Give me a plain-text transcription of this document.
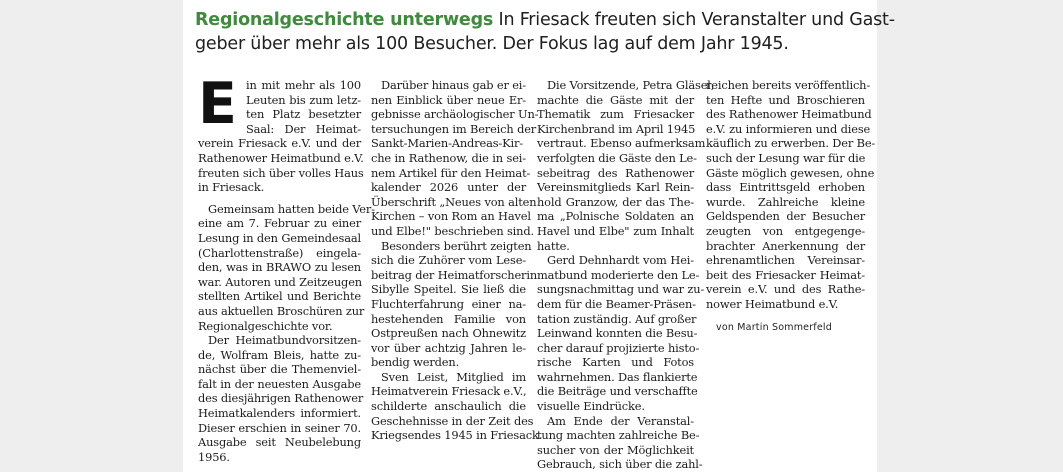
Regionalgeschichte unterwegs In Friesack freuten sich Veranstalter und Gast-
geber über mehr als 100 Besucher. Der Fokus lag auf dem Jahr 1945.
E in mit mehr als 100
Leuten bis zum letz-
ten Platz besetzter
Saal: Der Heimat-
verein Friesack e.V. und der
Rathenower Heimatbund e.V.
freuten sich über volles Haus
in Friesack.
Gemeinsam hatten beide Ver-
eine am 7. Februar zu einer
Lesung in den Gemeindesaal
(Charlottenstraße) eingela-
den, was in BRAWO zu lesen
war. Autoren und Zeitzeugen
stellten Artikel und Berichte
aus aktuellen Broschüren zur
Regionalgeschichte vor.
Der Heimatbundvorsitzen-
de, Wolfram Bleis, hatte zu-
nächst über die Themenviel-
falt in der neuesten Ausgabe
des diesjährigen Rathenower
Heimatkalenders informiert.
Dieser erschien in seiner 70.
Ausgabe seit Neubelebung
1956.
Darüber hinaus gab er ei-
nen Einblick über neue Er-
gebnisse archäologischer Un-
tersuchungen im Bereich der
Sankt-Marien-Andreas-Kir-
che in Rathenow, die in sei-
nem Artikel für den Heimat-
kalender 2026 unter der
Überschrift „Neues von alten
Kirchen – von Rom an Havel
und Elbe!" beschrieben sind.
Besonders berührt zeigten
sich die Zuhörer vom Lese-
beitrag der Heimatforscherin
Sibylle Speitel. Sie ließ die
Fluchterfahrung einer na-
hestehenden Familie von
Ostpreußen nach Ohnewitz
vor über achtzig Jahren le-
bendig werden.
Sven Leist, Mitglied im
Heimatverein Friesack e.V.,
schilderte anschaulich die
Geschehnisse in der Zeit des
Kriegsendes 1945 in Friesack.
Die Vorsitzende, Petra Gläsel,
machte die Gäste mit der
Thematik zum Friesacker
Kirchenbrand im April 1945
vertraut. Ebenso aufmerksam
verfolgten die Gäste den Le-
sebeitrag des Rathenower
Vereinsmitglieds Karl Rein-
hold Granzow, der das The-
ma „Polnische Soldaten an
Havel und Elbe" zum Inhalt
hatte.
Gerd Dehnhardt vom Hei-
matbund moderierte den Le-
sungsnachmittag und war zu-
dem für die Beamer-Präsen-
tation zuständig. Auf großer
Leinwand konnten die Besu-
cher darauf projizierte histo-
rische Karten und Fotos
wahrnehmen. Das flankierte
die Beiträge und verschaffte
visuelle Eindrücke.
Am Ende der Veranstal-
tung machten zahlreiche Be-
sucher von der Möglichkeit
Gebrauch, sich über die zahl-
reichen bereits veröffentlich-
ten Hefte und Broschieren
des Rathenower Heimatbund
e.V. zu informieren und diese
käuflich zu erwerben. Der Be-
such der Lesung war für die
Gäste möglich gewesen, ohne
dass Eintrittsgeld erhoben
wurde. Zahlreiche kleine
Geldspenden der Besucher
zeugten von entgegenge-
brachter Anerkennung der
ehrenamtlichen Vereinsar-
beit des Friesacker Heimat-
verein e.V. und des Rathe-
nower Heimatbund e.V.
von Martin Sommerfeld
